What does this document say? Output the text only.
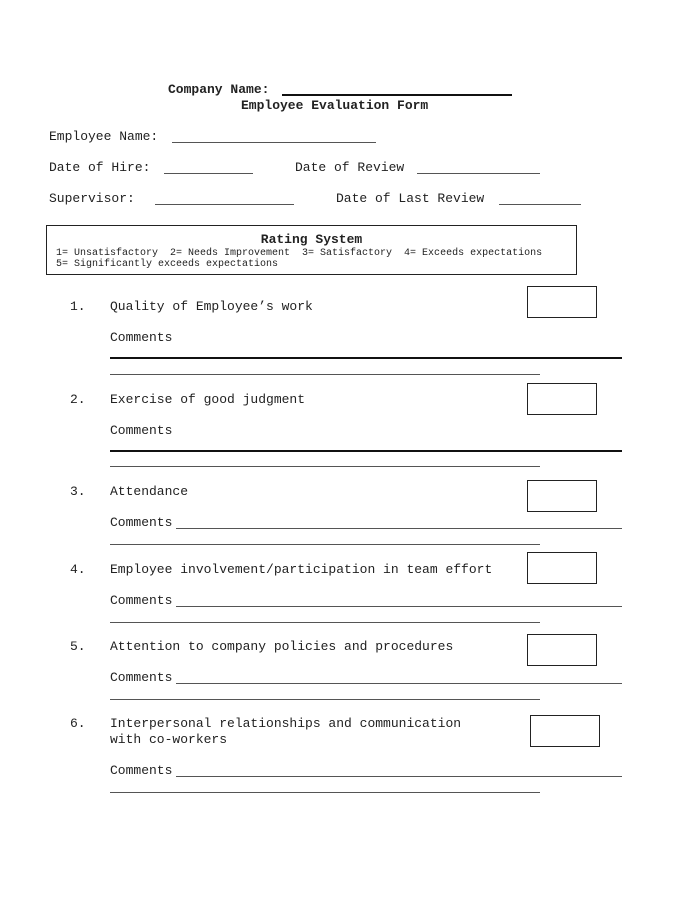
Company Name:
Employee Evaluation Form
Employee Name:
Date of Hire:	Date of Review
Supervisor:	Date of Last Review
Rating System
1= Unsatisfactory  2= Needs Improvement  3= Satisfactory  4= Exceeds expectations
5= Significantly exceeds expectations
1. Quality of Employee’s work
Comments
2. Exercise of good judgment
Comments
3. Attendance
Comments
4. Employee involvement/participation in team effort
Comments
5. Attention to company policies and procedures
Comments
6. Interpersonal relationships and communication
with co-workers
Comments
